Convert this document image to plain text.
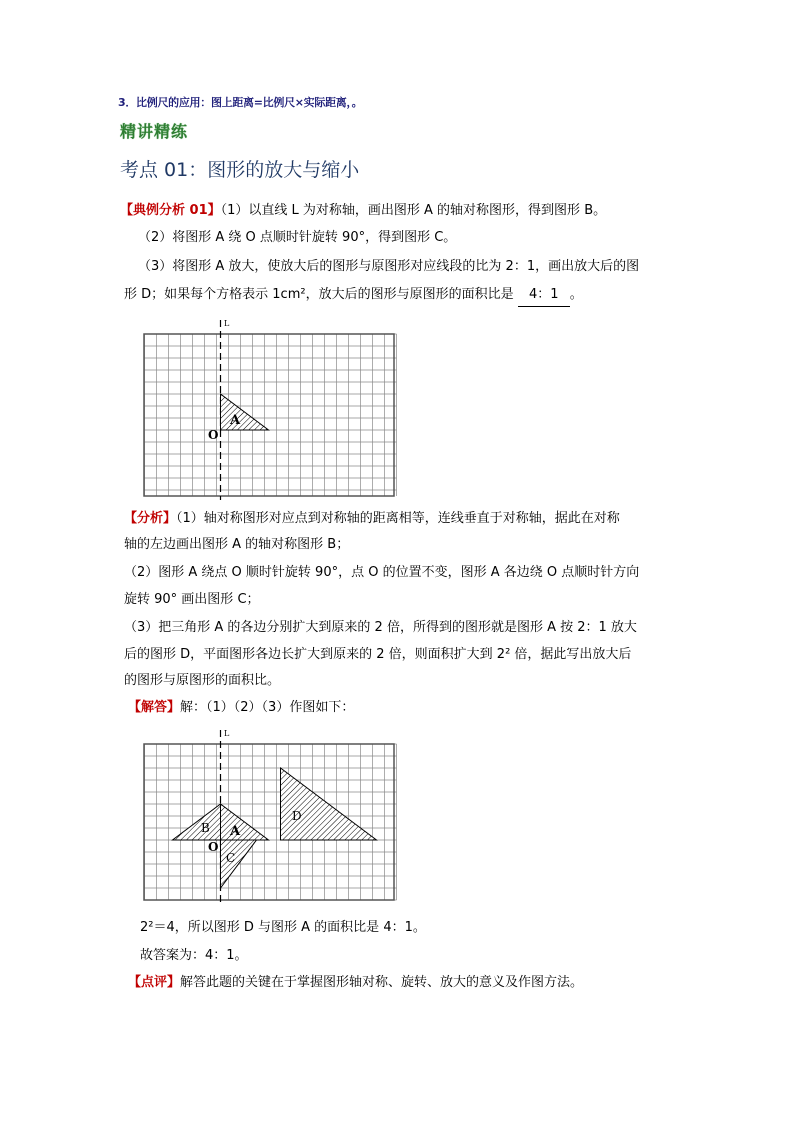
3．比例尺的应用：图上距离=比例尺×实际距离，。
精讲精练
考点 01：图形的放大与缩小
【典例分析 01】（1）以直线 L 为对称轴，画出图形 A 的轴对称图形，得到图形 B。
（2）将图形 A 绕 O 点顺时针旋转 90°，得到图形 C。
（3）将图形 A 放大，使放大后的图形与原图形对应线段的比为 2：1，画出放大后的图
形 D；如果每个方格表示 1cm²，放大后的图形与原图形的面积比是 4：1 。
L
A
O
【分析】（1）轴对称图形对应点到对称轴的距离相等，连线垂直于对称轴，据此在对称
轴的左边画出图形 A 的轴对称图形 B；
（2）图形 A 绕点 O 顺时针旋转 90°，点 O 的位置不变，图形 A 各边绕 O 点顺时针方向
旋转 90° 画出图形 C；
（3）把三角形 A 的各边分别扩大到原来的 2 倍，所得到的图形就是图形 A 按 2：1 放大
后的图形 D，平面图形各边长扩大到原来的 2 倍，则面积扩大到 2² 倍，据此写出放大后
的图形与原图形的面积比。
【解答】解：（1）（2）（3）作图如下：
L
B A
C
D
O
2²＝4，所以图形 D 与图形 A 的面积比是 4：1。
故答案为：4：1。
【点评】解答此题的关键在于掌握图形轴对称、旋转、放大的意义及作图方法。
